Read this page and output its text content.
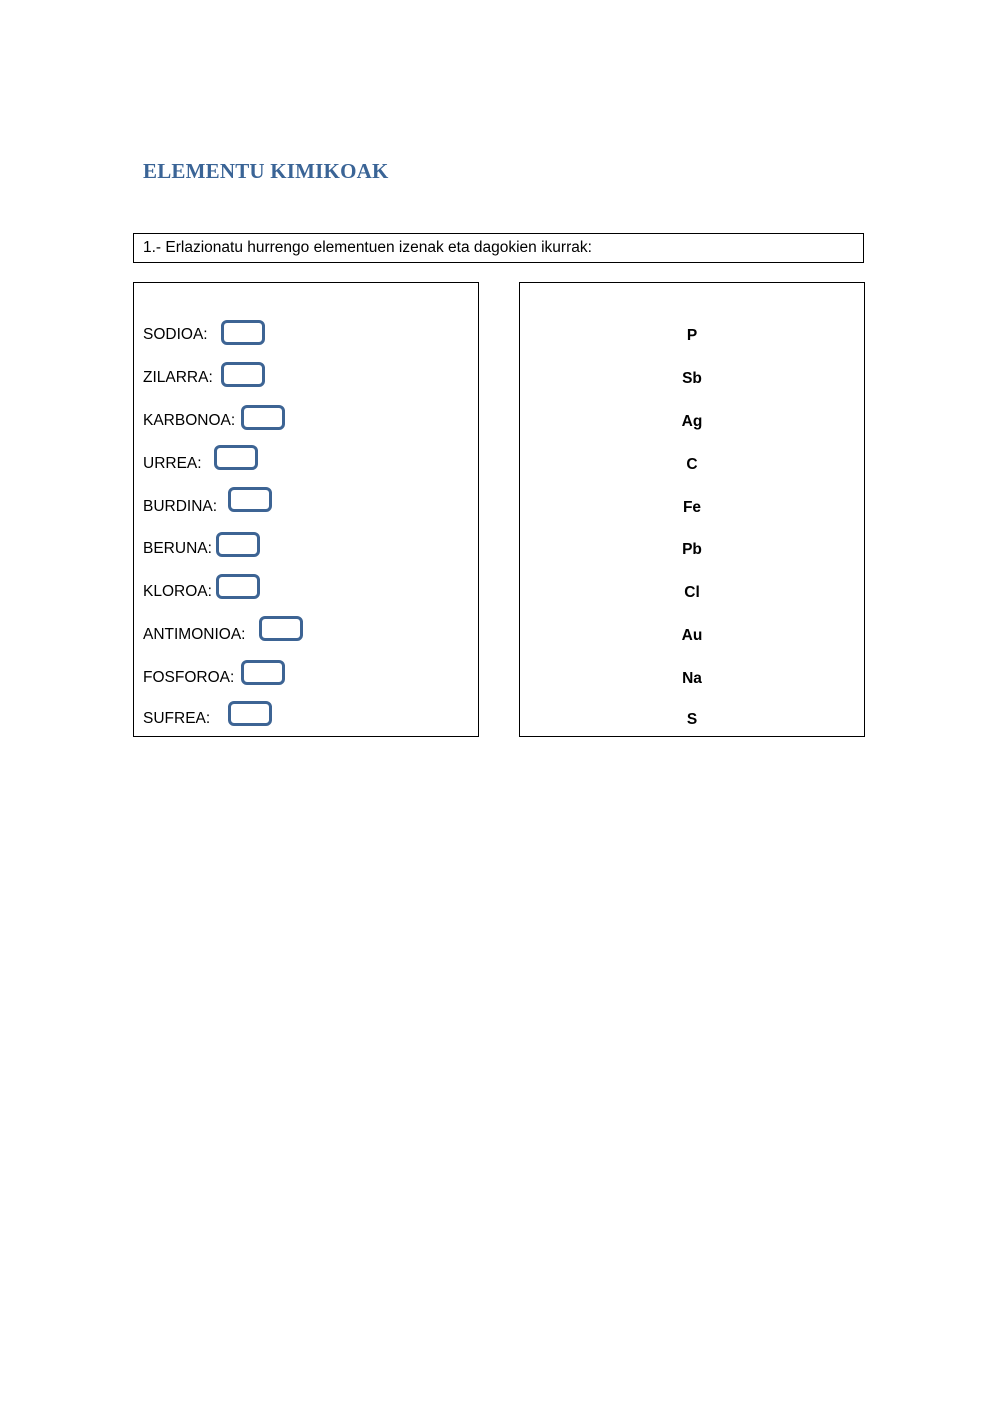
ELEMENTU KIMIKOAK
1.- Erlazionatu hurrengo elementuen izenak eta dagokien ikurrak:
SODIOA:
ZILARRA:
KARBONOA:
URREA:
BURDINA:
BERUNA:
KLOROA:
ANTIMONIOA:
FOSFOROA:
SUFREA:
P
Sb
Ag
C
Fe
Pb
Cl
Au
Na
S
